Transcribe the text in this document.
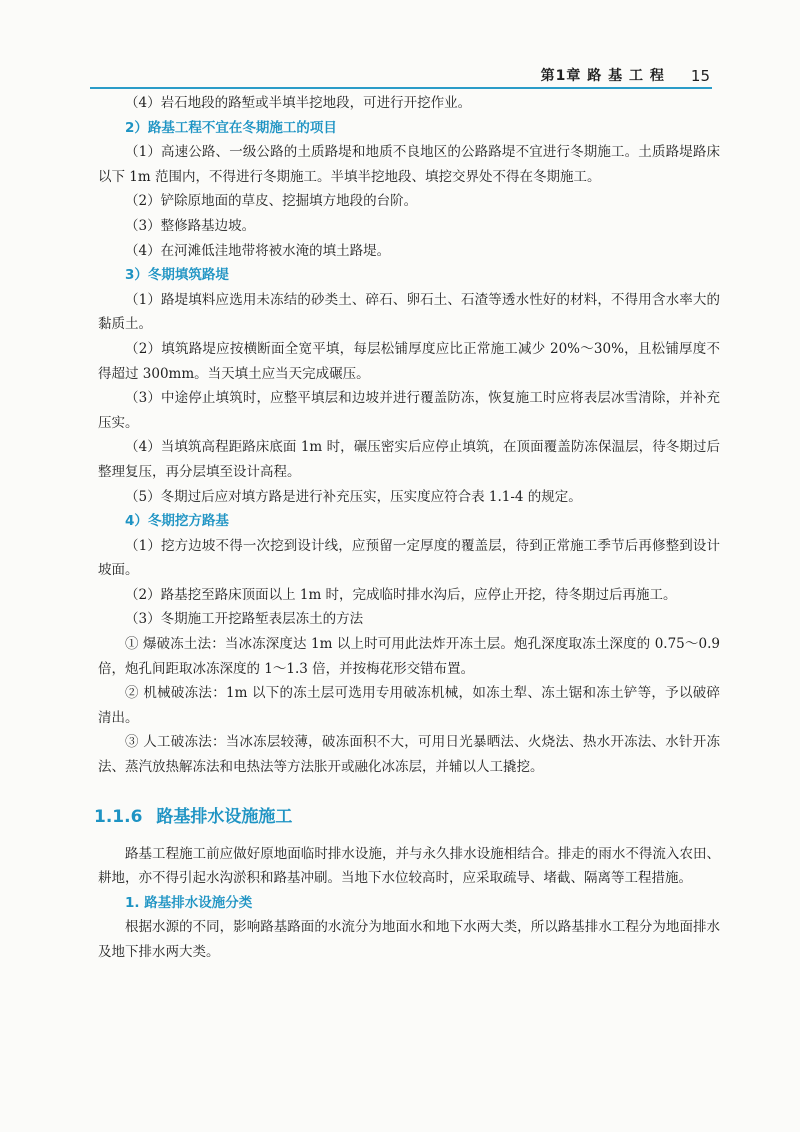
第1章 路 基 工 程 15

（4）岩石地段的路堑或半填半挖地段，可进行开挖作业。

2）路基工程不宜在冬期施工的项目

（1）高速公路、一级公路的土质路堤和地质不良地区的公路路堤不宜进行冬期施工。土质路堤路床以下 1m 范围内，不得进行冬期施工。半填半挖地段、填挖交界处不得在冬期施工。

（2）铲除原地面的草皮、挖掘填方地段的台阶。

（3）整修路基边坡。

（4）在河滩低洼地带将被水淹的填土路堤。

3）冬期填筑路堤

（1）路堤填料应选用未冻结的砂类土、碎石、卵石土、石渣等透水性好的材料，不得用含水率大的黏质土。

（2）填筑路堤应按横断面全宽平填，每层松铺厚度应比正常施工减少 20%～30%，且松铺厚度不得超过 300mm。当天填土应当天完成碾压。

（3）中途停止填筑时，应整平填层和边坡并进行覆盖防冻，恢复施工时应将表层冰雪清除，并补充压实。

（4）当填筑高程距路床底面 1m 时，碾压密实后应停止填筑，在顶面覆盖防冻保温层，待冬期过后整理复压，再分层填至设计高程。

（5）冬期过后应对填方路是进行补充压实，压实度应符合表 1.1-4 的规定。

4）冬期挖方路基

（1）挖方边坡不得一次挖到设计线，应预留一定厚度的覆盖层，待到正常施工季节后再修整到设计坡面。

（2）路基挖至路床顶面以上 1m 时，完成临时排水沟后，应停止开挖，待冬期过后再施工。

（3）冬期施工开挖路堑表层冻土的方法

① 爆破冻土法：当冰冻深度达 1m 以上时可用此法炸开冻土层。炮孔深度取冻土深度的 0.75～0.9 倍，炮孔间距取冰冻深度的 1～1.3 倍，并按梅花形交错布置。

② 机械破冻法：1m 以下的冻土层可选用专用破冻机械，如冻土犁、冻土锯和冻土铲等，予以破碎清出。

③ 人工破冻法：当冰冻层较薄，破冻面积不大，可用日光暴晒法、火烧法、热水开冻法、水针开冻法、蒸汽放热解冻法和电热法等方法胀开或融化冰冻层，并辅以人工撬挖。

1.1.6 路基排水设施施工

路基工程施工前应做好原地面临时排水设施，并与永久排水设施相结合。排走的雨水不得流入农田、耕地，亦不得引起水沟淤积和路基冲刷。当地下水位较高时，应采取疏导、堵截、隔离等工程措施。

1. 路基排水设施分类

根据水源的不同，影响路基路面的水流分为地面水和地下水两大类，所以路基排水工程分为地面排水及地下排水两大类。
